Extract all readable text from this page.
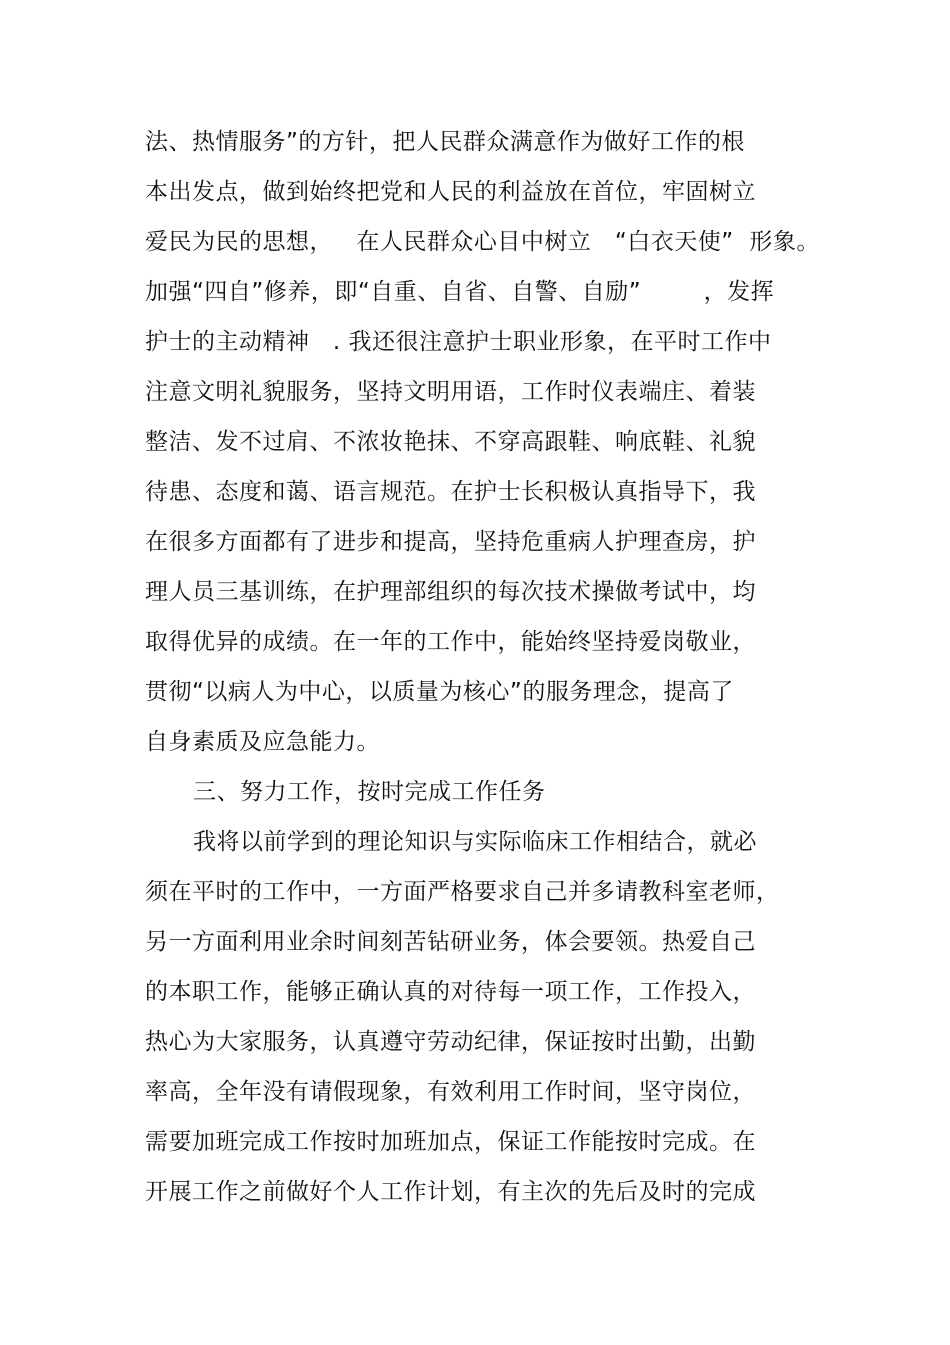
法、热情服务”的方针，把人民群众满意作为做好工作的根
本出发点，做到始终把党和人民的利益放在首位，牢固树立
爱民为民的思想，   在人民群众心目中树立   “白衣天使”  形象。
加强“四自”修养，即“自重、自省、自警、自励”        ，发挥
护士的主动精神   . 我还很注意护士职业形象，在平时工作中
注意文明礼貌服务，坚持文明用语，工作时仪表端庄、着装
整洁、发不过肩、不浓妆艳抹、不穿高跟鞋、响底鞋、礼貌
待患、态度和蔼、语言规范。在护士长积极认真指导下，我
在很多方面都有了进步和提高，坚持危重病人护理查房，护
理人员三基训练，在护理部组织的每次技术操做考试中，均
取得优异的成绩。在一年的工作中，能始终坚持爱岗敬业，
贯彻“以病人为中心，以质量为核心”的服务理念，提高了
自身素质及应急能力。
三、努力工作，按时完成工作任务
我将以前学到的理论知识与实际临床工作相结合，就必
须在平时的工作中，一方面严格要求自己并多请教科室老师，
另一方面利用业余时间刻苦钻研业务，体会要领。热爱自己
的本职工作，能够正确认真的对待每一项工作，工作投入，
热心为大家服务，认真遵守劳动纪律，保证按时出勤，出勤
率高，全年没有请假现象，有效利用工作时间，坚守岗位，
需要加班完成工作按时加班加点，保证工作能按时完成。在
开展工作之前做好个人工作计划，有主次的先后及时的完成
